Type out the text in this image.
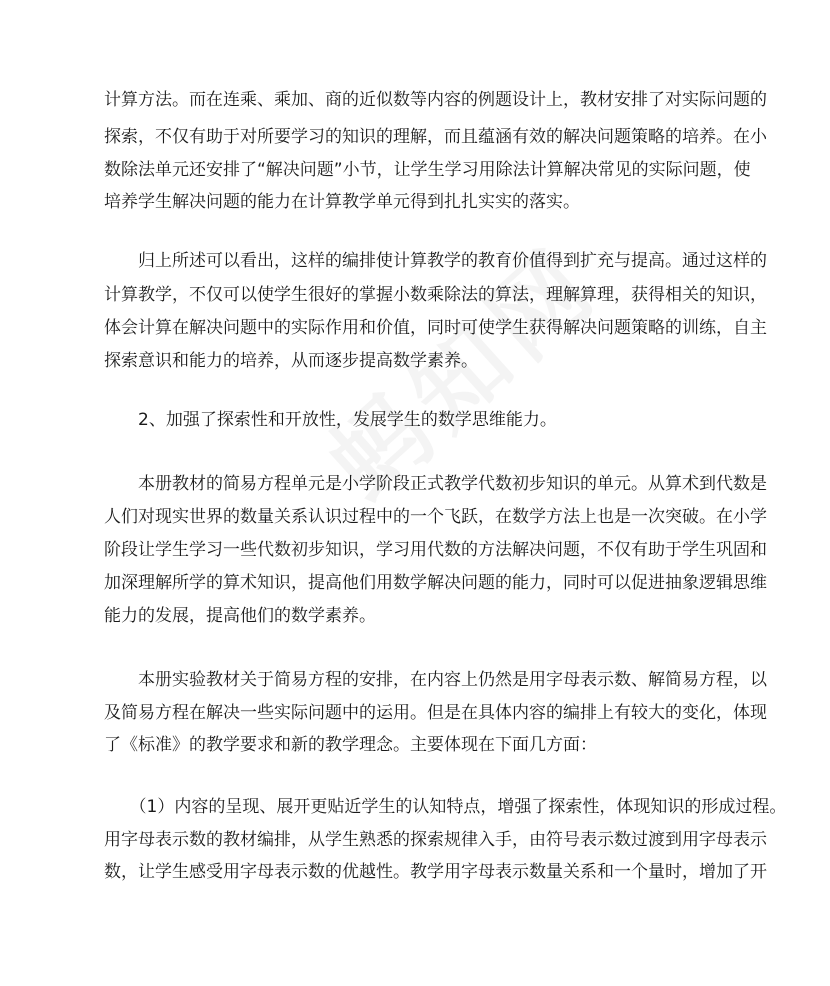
计算方法。而在连乘、乘加、商的近似数等内容的例题设计上，教材安排了对实际问题的
探索，不仅有助于对所要学习的知识的理解，而且蕴涵有效的解决问题策略的培养。在小
数除法单元还安排了“解决问题”小节，让学生学习用除法计算解决常见的实际问题，使
培养学生解决问题的能力在计算教学单元得到扎扎实实的落实。
　　归上所述可以看出，这样的编排使计算教学的教育价值得到扩充与提高。通过这样的
计算教学，不仅可以使学生很好的掌握小数乘除法的算法，理解算理，获得相关的知识，
体会计算在解决问题中的实际作用和价值，同时可使学生获得解决问题策略的训练，自主
探索意识和能力的培养，从而逐步提高数学素养。
　　2、加强了探索性和开放性，发展学生的数学思维能力。
　　本册教材的简易方程单元是小学阶段正式教学代数初步知识的单元。从算术到代数是
人们对现实世界的数量关系认识过程中的一个飞跃，在数学方法上也是一次突破。在小学
阶段让学生学习一些代数初步知识，学习用代数的方法解决问题，不仅有助于学生巩固和
加深理解所学的算术知识，提高他们用数学解决问题的能力，同时可以促进抽象逻辑思维
能力的发展，提高他们的数学素养。
　　本册实验教材关于简易方程的安排，在内容上仍然是用字母表示数、解简易方程，以
及简易方程在解决一些实际问题中的运用。但是在具体内容的编排上有较大的变化，体现
了《标准》的教学要求和新的教学理念。主要体现在下面几方面：
　　（1）内容的呈现、展开更贴近学生的认知特点，增强了探索性，体现知识的形成过程。
用字母表示数的教材编排，从学生熟悉的探索规律入手，由符号表示数过渡到用字母表示
数，让学生感受用字母表示数的优越性。教学用字母表示数量关系和一个量时，增加了开
